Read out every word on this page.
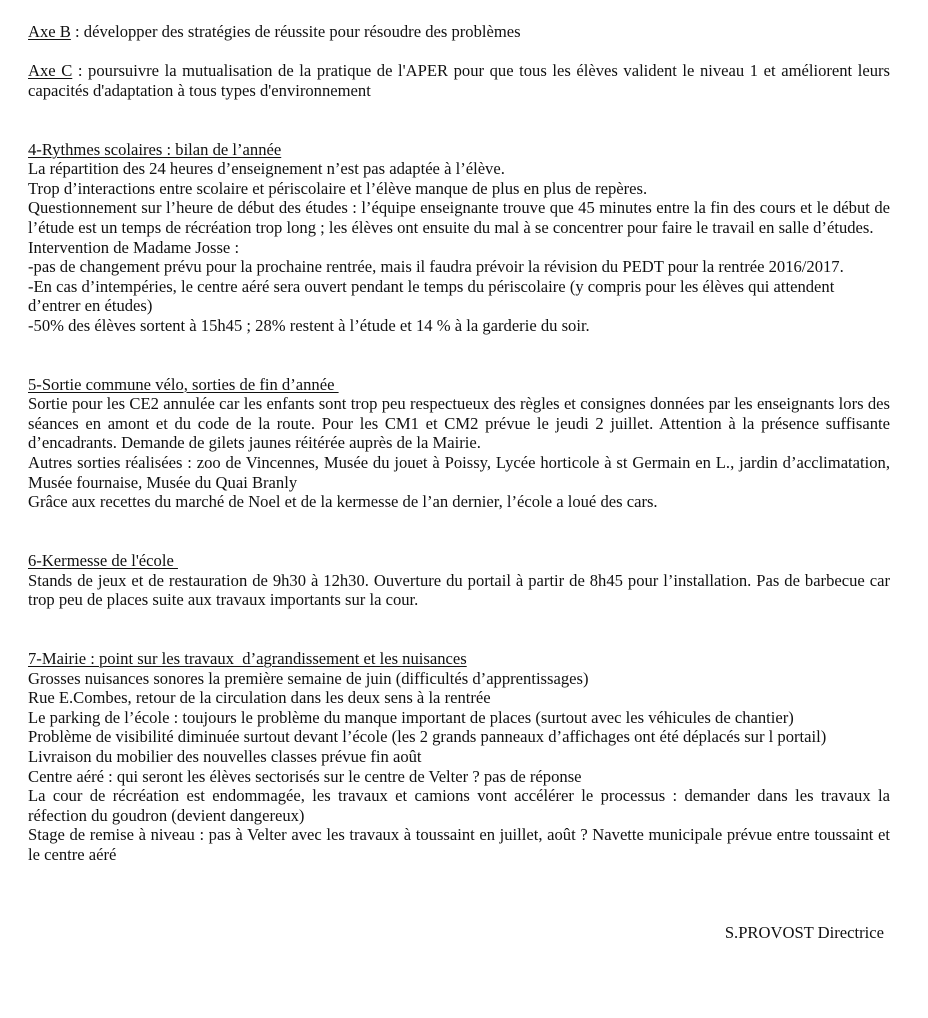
Axe B : développer des stratégies de réussite pour résoudre des problèmes

Axe C : poursuivre la mutualisation de la pratique de l'APER pour que tous les élèves valident le niveau 1 et améliorent leurs capacités d'adaptation à tous types d'environnement

4-Rythmes scolaires : bilan de l’année

La répartition des 24 heures d’enseignement n’est pas adaptée à l’élève.

Trop d’interactions entre scolaire et périscolaire et l’élève manque de plus en plus de repères.

Questionnement sur l’heure de début des études : l’équipe enseignante trouve que 45 minutes entre la fin des cours et le début de l’étude est un temps de récréation trop long ; les élèves ont ensuite du mal à se concentrer pour faire le travail en salle d’études.

Intervention de Madame Josse :

-pas de changement prévu pour la prochaine rentrée, mais il faudra prévoir la révision du PEDT pour la rentrée 2016/2017.

-En cas d’intempéries, le centre aéré sera ouvert pendant le temps du périscolaire (y compris pour les élèves qui attendent d’entrer en études)

-50% des élèves sortent à 15h45 ; 28% restent à l’étude et 14 % à la garderie du soir.

5-Sortie commune vélo, sorties de fin d’année

Sortie pour les CE2 annulée car les enfants sont trop peu respectueux des règles et consignes données par les enseignants lors des séances en amont et du code de la route. Pour les CM1 et CM2 prévue le jeudi 2 juillet. Attention à la présence suffisante d’encadrants. Demande de gilets jaunes réitérée auprès de la Mairie.

Autres sorties réalisées : zoo de Vincennes, Musée du jouet à Poissy, Lycée horticole à st Germain en L., jardin d’acclimatation, Musée fournaise, Musée du Quai Branly

Grâce aux recettes du marché de Noel et de la kermesse de l’an dernier, l’école a loué des cars.

6-Kermesse de l'école

Stands de jeux et de restauration de 9h30 à 12h30. Ouverture du portail à partir de 8h45 pour l’installation. Pas de barbecue car trop peu de places suite aux travaux importants sur la cour.

7-Mairie : point sur les travaux  d’agrandissement et les nuisances

Grosses nuisances sonores la première semaine de juin (difficultés d’apprentissages)

Rue E.Combes, retour de la circulation dans les deux sens à la rentrée

Le parking de l’école : toujours le problème du manque important de places (surtout avec les véhicules de chantier)

Problème de visibilité diminuée surtout devant l’école (les 2 grands panneaux d’affichages ont été déplacés sur l portail)

Livraison du mobilier des nouvelles classes prévue fin août

Centre aéré : qui seront les élèves sectorisés sur le centre de Velter ? pas de réponse

La cour de récréation est endommagée, les travaux et camions vont accélérer le processus : demander dans les travaux la réfection du goudron (devient dangereux)

Stage de remise à niveau : pas à Velter avec les travaux à toussaint en juillet, août ? Navette municipale prévue entre toussaint et le centre aéré

S.PROVOST Directrice
